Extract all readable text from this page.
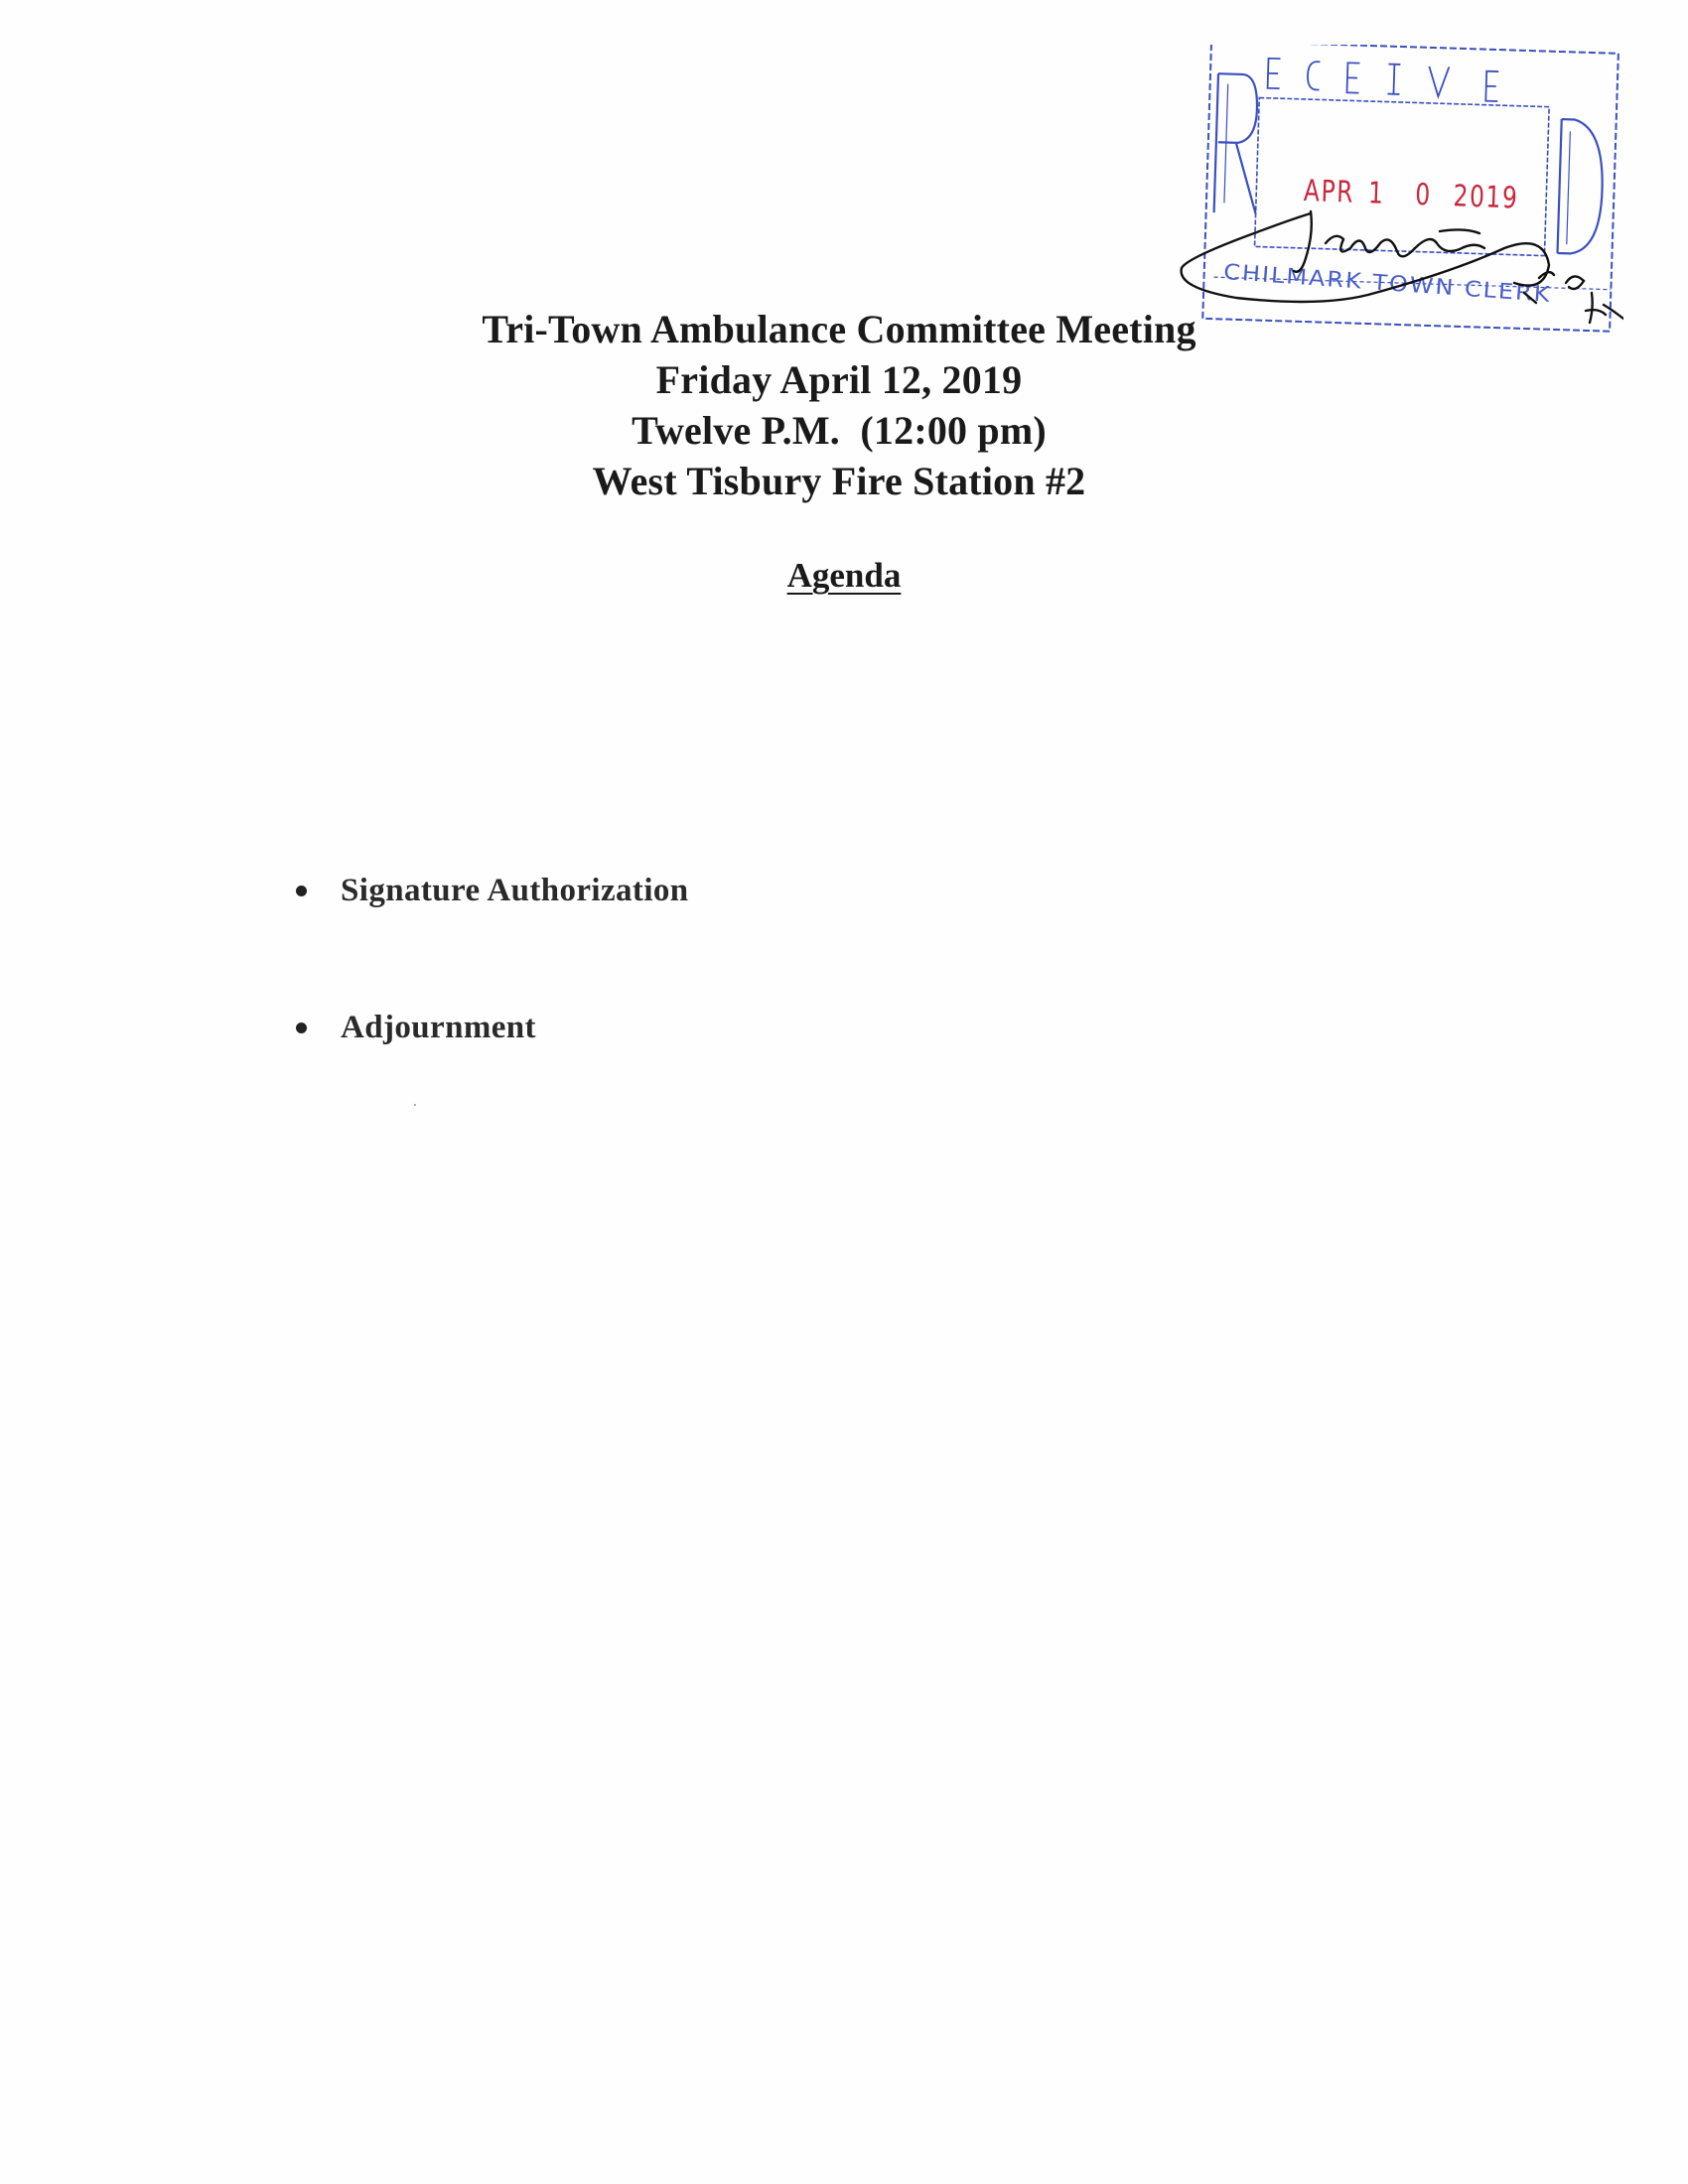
APR 1 0 2019
CHILMARK TOWN CLERK
Tri-Town Ambulance Committee Meeting
Friday April 12, 2019
Twelve P.M.  (12:00 pm)
West Tisbury Fire Station #2
Agenda
Signature Authorization
Adjournment
